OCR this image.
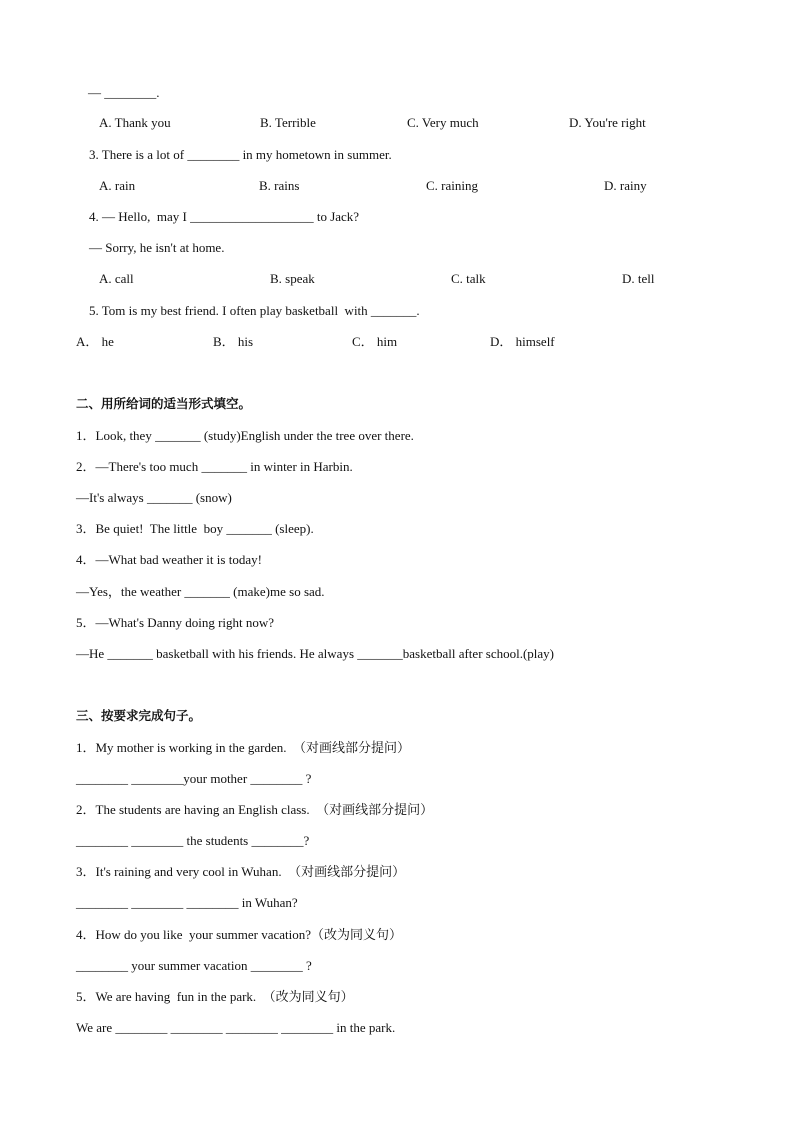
— ________.
A. Thank you	B. Terrible	C. Very much	D. You're right
3. There is a lot of ________ in my hometown in summer.
A. rain	B. rains	C. raining	D. rainy
4. — Hello,  may I ___________________ to Jack?
— Sorry, he isn't at home.
A. call	B. speak	C. talk	D. tell
5. Tom is my best friend. I often play basketball  with _______.
A． he	B． his	C． him	D． himself
二、用所给词的适当形式填空。
1．Look, they _______ (study)English under the tree over there.
2．—There's too much _______ in winter in Harbin.
—It's always _______ (snow)
3．Be quiet!  The little  boy _______ (sleep).
4．—What bad weather it is today!
—Yes，the weather _______ (make)me so sad.
5．—What's Danny doing right now?
—He _______ basketball with his friends. He always _______basketball after school.(play)
三、按要求完成句子。
1．My mother is working in the garden.  （对画线部分提问）
________ ________your mother ________ ?
2．The students are having an English class.  （对画线部分提问）
________ ________ the students ________?
3．It's raining and very cool in Wuhan.  （对画线部分提问）
________ ________ ________ in Wuhan?
4．How do you like  your summer vacation?（改为同义句）
________ your summer vacation ________ ?
5．We are having  fun in the park.  （改为同义句）
We are ________ ________ ________ ________ in the park.
